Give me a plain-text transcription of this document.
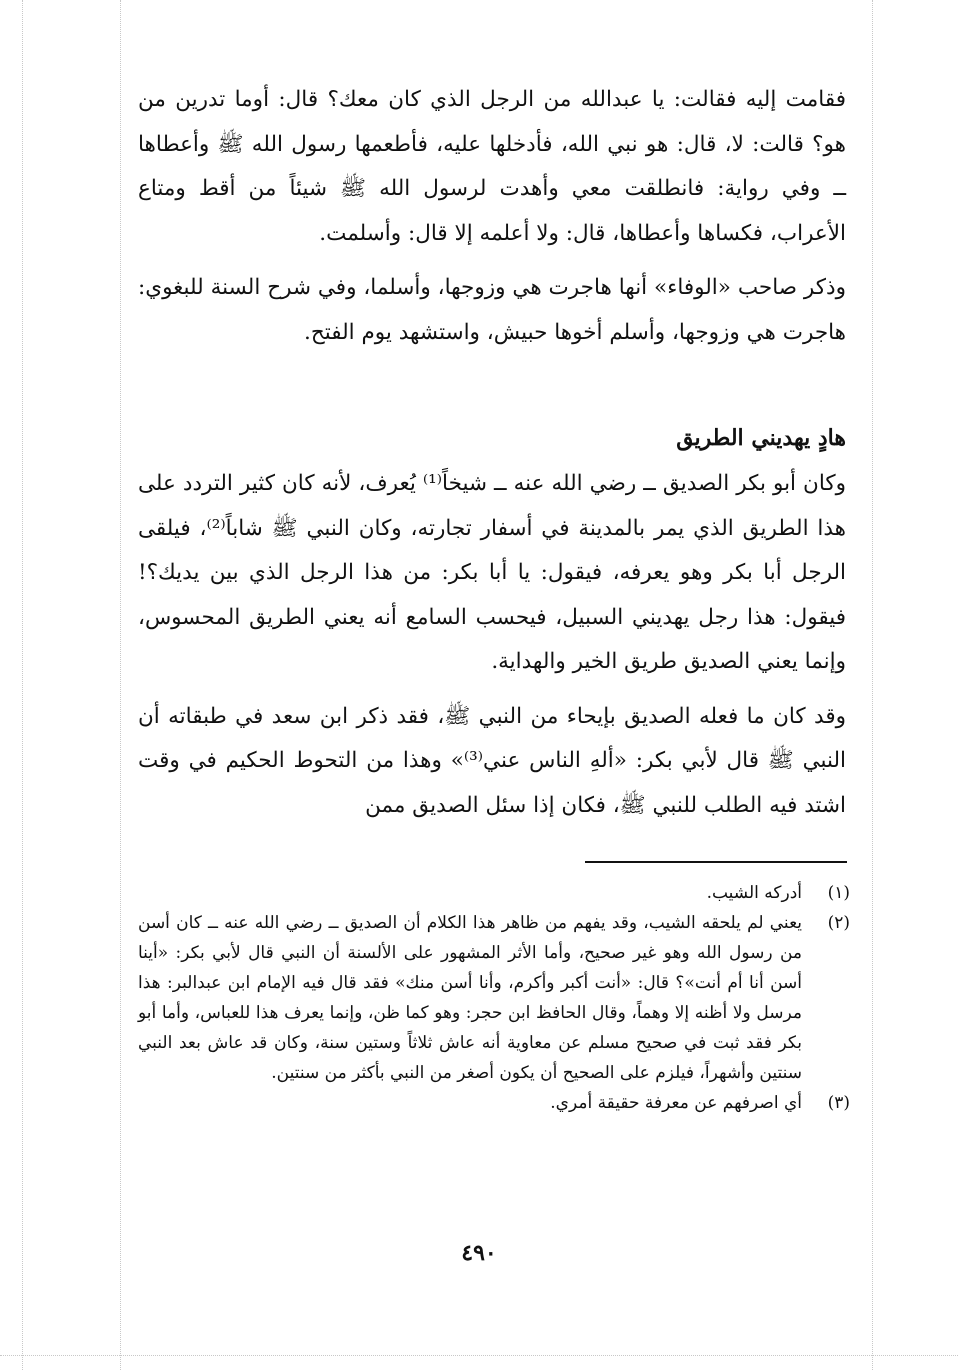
فقامت إليه فقالت: يا عبدالله من الرجل الذي كان معك؟ قال: أوما تدرين من هو؟ قالت: لا، قال: هو نبي الله، فأدخلها عليه، فأطعمها رسول الله ﷺ وأعطاها ــ وفي رواية: فانطلقت معي وأهدت لرسول الله ﷺ شيئاً من أقط ومتاع الأعراب، فكساها وأعطاها، قال: ولا أعلمه إلا قال: وأسلمت.

وذكر صاحب «الوفاء» أنها هاجرت هي وزوجها، وأسلما، وفي شرح السنة للبغوي: هاجرت هي وزوجها، وأسلم أخوها حبيش، واستشهد يوم الفتح.

هادٍ يهديني الطريق

وكان أبو بكر الصديق ــ رضي الله عنه ــ شيخاً⁽¹⁾ يُعرف، لأنه كان كثير التردد على هذا الطريق الذي يمر بالمدينة في أسفار تجارته، وكان النبي ﷺ شاباً⁽²⁾، فيلقى الرجل أبا بكر وهو يعرفه، فيقول: يا أبا بكر: من هذا الرجل الذي بين يديك؟! فيقول: هذا رجل يهديني السبيل، فيحسب السامع أنه يعني الطريق المحسوس، وإنما يعني الصديق طريق الخير والهداية.

وقد كان ما فعله الصديق بإيحاء من النبي ﷺ، فقد ذكر ابن سعد في طبقاته أن النبي ﷺ قال لأبي بكر: «ألهِ الناس عني⁽³⁾» وهذا من التحوط الحكيم في وقت اشتد فيه الطلب للنبي ﷺ، فكان إذا سئل الصديق ممن

(١)
أدركه الشيب.
(٢)
يعني لم يلحقه الشيب، وقد يفهم من ظاهر هذا الكلام أن الصديق ــ رضي الله عنه ــ كان أسن من رسول الله وهو غير صحيح، وأما الأثر المشهور على الألسنة أن النبي قال لأبي بكر: «أينا أسن أنا أم أنت»؟ قال: «أنت أكبر وأكرم، وأنا أسن منك» فقد قال فيه الإمام ابن عبدالبر: هذا مرسل ولا أظنه إلا وهماً، وقال الحافظ ابن حجر: وهو كما ظن، وإنما يعرف هذا للعباس، وأما أبو بكر فقد ثبت في صحيح مسلم عن معاوية أنه عاش ثلاثاً وستين سنة، وكان قد عاش بعد النبي سنتين وأشهراً، فيلزم على الصحيح أن يكون أصغر من النبي بأكثر من سنتين.
(٣)
أي اصرفهم عن معرفة حقيقة أمري.
٤٩٠
